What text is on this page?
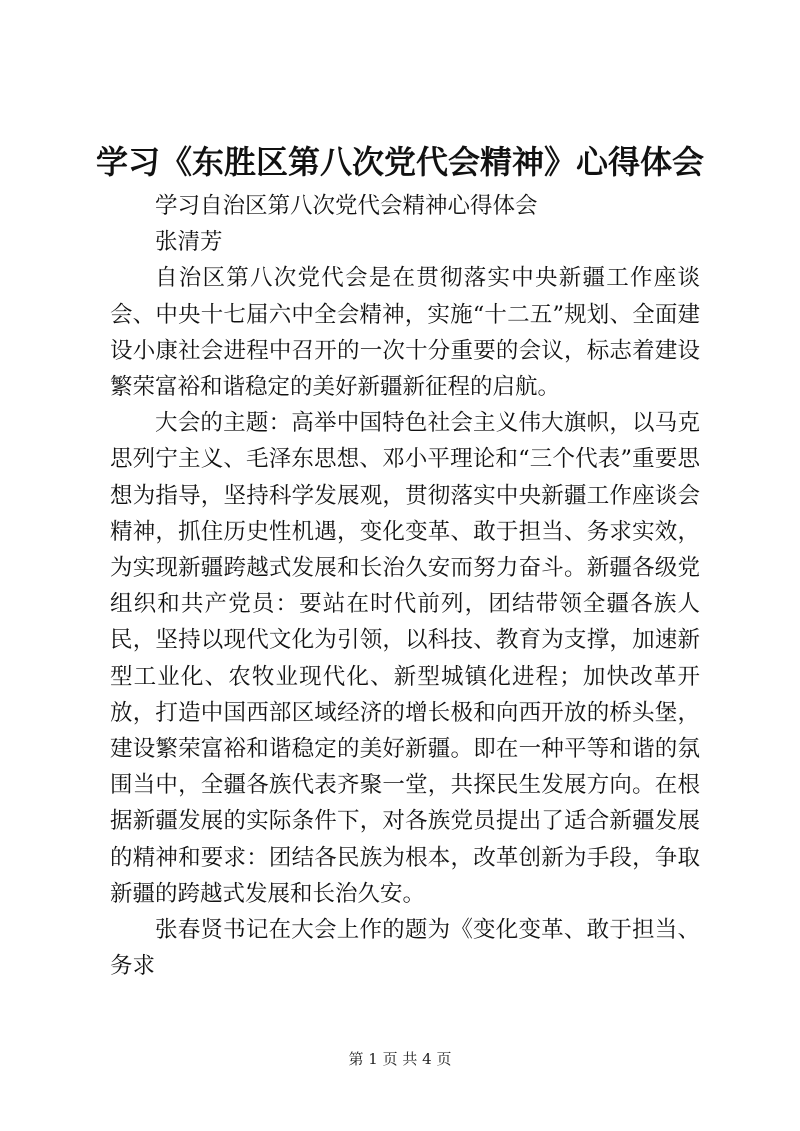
学习《东胜区第八次党代会精神》心得体会

学习自治区第八次党代会精神心得体会

张清芳

自治区第八次党代会是在贯彻落实中央新疆工作座谈会、中央十七届六中全会精神，实施“十二五”规划、全面建设小康社会进程中召开的一次十分重要的会议，标志着建设繁荣富裕和谐稳定的美好新疆新征程的启航。

大会的主题：高举中国特色社会主义伟大旗帜，以马克思列宁主义、毛泽东思想、邓小平理论和“三个代表”重要思想为指导，坚持科学发展观，贯彻落实中央新疆工作座谈会精神，抓住历史性机遇，变化变革、敢于担当、务求实效，为实现新疆跨越式发展和长治久安而努力奋斗。新疆各级党组织和共产党员：要站在时代前列，团结带领全疆各族人民，坚持以现代文化为引领，以科技、教育为支撑，加速新型工业化、农牧业现代化、新型城镇化进程；加快改革开放，打造中国西部区域经济的增长极和向西开放的桥头堡，建设繁荣富裕和谐稳定的美好新疆。即在一种平等和谐的氛围当中，全疆各族代表齐聚一堂，共探民生发展方向。在根据新疆发展的实际条件下，对各族党员提出了适合新疆发展的精神和要求：团结各民族为根本，改革创新为手段，争取新疆的跨越式发展和长治久安。

张春贤书记在大会上作的题为《变化变革、敢于担当、务求

第 1 页 共 4 页
